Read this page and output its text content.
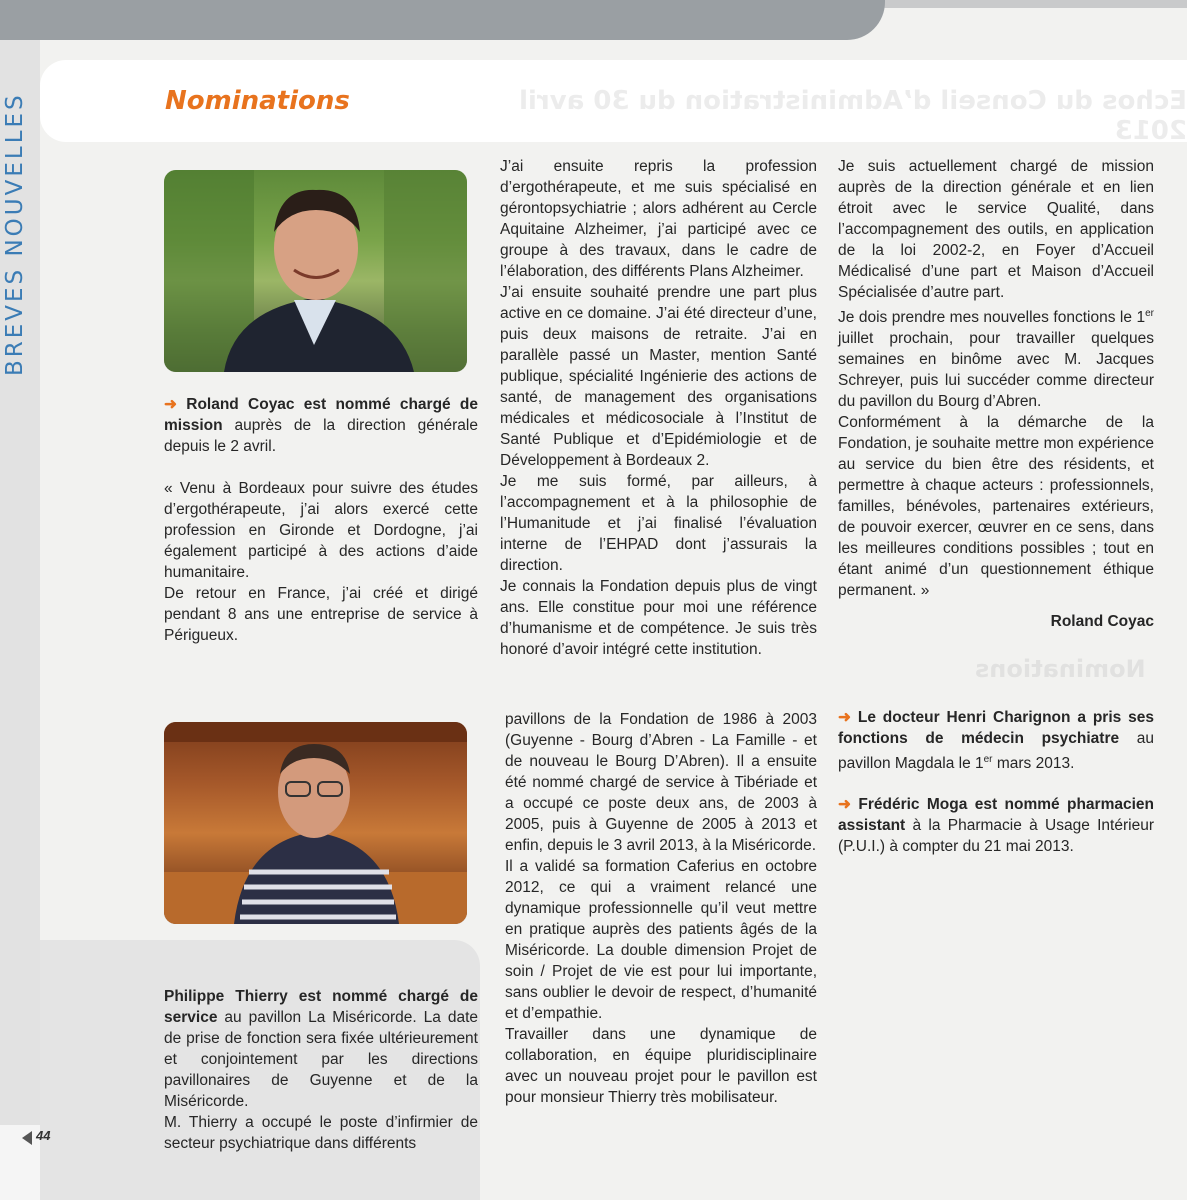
BREVES NOUVELLES	Echos du Conseil d’Administration du 30 avril 2013
Nominations
Nominations

➜ Roland Coyac est nommé chargé de mission auprès de la direction générale depuis le 2 avril.

« Venu à Bordeaux pour suivre des études d’ergothérapeute, j’ai alors exercé cette profession en Gironde et Dordogne, j’ai également participé à des actions d’aide humanitaire.

De retour en France, j’ai créé et dirigé pendant 8 ans une entreprise de service à Périgueux.

J’ai ensuite repris la profession d’ergothérapeute, et me suis spécialisé en gérontopsychiatrie ; alors adhérent au Cercle Aquitaine Alzheimer, j’ai participé avec ce groupe à des travaux, dans le cadre de l’élaboration, des différents Plans Alzheimer.

J’ai ensuite souhaité prendre une part plus active en ce domaine. J’ai été directeur d’une, puis deux maisons de retraite. J’ai en parallèle passé un Master, mention Santé publique, spécialité Ingénierie des actions de santé, de management des organisations médicales et médicosociale à l’Institut de Santé Publique et d’Epidémiologie et de Développement à Bordeaux 2.

Je me suis formé, par ailleurs, à l’accompagnement et à la philosophie de l’Humanitude et j’ai finalisé l’évaluation interne de l’EHPAD dont j’assurais la direction.

Je connais la Fondation depuis plus de vingt ans. Elle constitue pour moi une référence d’humanisme et de compétence. Je suis très honoré d’avoir intégré cette institution.

Je suis actuellement chargé de mission auprès de la direction générale et en lien étroit avec le service Qualité, dans l’accompagnement des outils, en application de la loi 2002-2, en Foyer d’Accueil Médicalisé d’une part et Maison d’Accueil Spécialisée d’autre part.

Je dois prendre mes nouvelles fonctions le 1er juillet prochain, pour travailler quelques semaines en binôme avec M. Jacques Schreyer, puis lui succéder comme directeur du pavillon du Bourg d’Abren.

Conformément à la démarche de la Fondation, je souhaite mettre mon expérience au service du bien être des résidents, et permettre à chaque acteurs : professionnels, familles, bénévoles, partenaires extérieurs, de pouvoir exercer, œuvrer en ce sens, dans les meilleures conditions possibles ; tout en étant animé d’un questionnement éthique permanent. »

Roland Coyac

Philippe Thierry est nommé chargé de service au pavillon La Miséricorde. La date de prise de fonction sera fixée ultérieurement et conjointement par les directions pavillonaires de Guyenne et de la Miséricorde.

M. Thierry a occupé le poste d’infirmier de secteur psychiatrique dans différents

pavillons de la Fondation de 1986 à 2003 (Guyenne - Bourg d’Abren - La Famille - et de nouveau le Bourg D’Abren). Il a ensuite été nommé chargé de service à Tibériade et a occupé ce poste deux ans, de 2003 à 2005, puis à Guyenne de 2005 à 2013 et enfin, depuis le 3 avril 2013, à la Miséricorde.

Il a validé sa formation Caferius en octobre 2012, ce qui a vraiment relancé une dynamique professionnelle qu’il veut mettre en pratique auprès des patients âgés de la Miséricorde. La double dimension Projet de soin / Projet de vie est pour lui importante, sans oublier le devoir de respect, d’humanité et d’empathie.

Travailler dans une dynamique de collaboration, en équipe pluridisciplinaire avec un nouveau projet pour le pavillon est pour monsieur Thierry très mobilisateur.

➜ Le docteur Henri Charignon a pris ses fonctions de médecin psychiatre au pavillon Magdala le 1er mars 2013.

➜ Frédéric Moga est nommé pharmacien assistant à la Pharmacie à Usage Intérieur (P.U.I.) à compter du 21 mai 2013.

44
